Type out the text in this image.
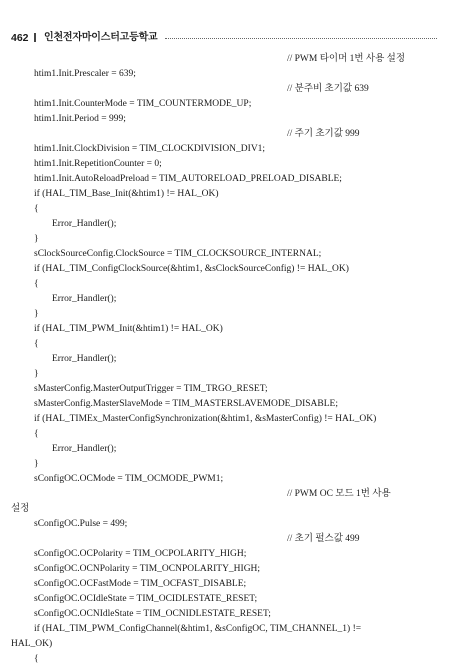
462 인천전자마이스터고등학교
// PWM 타이머 1번 사용 설정
htim1.Init.Prescaler = 639;
// 분주비 초기값 639
htim1.Init.CounterMode = TIM_COUNTERMODE_UP;
htim1.Init.Period = 999;
// 주기 초기값 999
htim1.Init.ClockDivision = TIM_CLOCKDIVISION_DIV1;
htim1.Init.RepetitionCounter = 0;
htim1.Init.AutoReloadPreload = TIM_AUTORELOAD_PRELOAD_DISABLE;
if (HAL_TIM_Base_Init(&htim1) != HAL_OK)
{
Error_Handler();
}
sClockSourceConfig.ClockSource = TIM_CLOCKSOURCE_INTERNAL;
if (HAL_TIM_ConfigClockSource(&htim1, &sClockSourceConfig) != HAL_OK)
{
Error_Handler();
}
if (HAL_TIM_PWM_Init(&htim1) != HAL_OK)
{
Error_Handler();
}
sMasterConfig.MasterOutputTrigger = TIM_TRGO_RESET;
sMasterConfig.MasterSlaveMode = TIM_MASTERSLAVEMODE_DISABLE;
if (HAL_TIMEx_MasterConfigSynchronization(&htim1, &sMasterConfig) != HAL_OK)
{
Error_Handler();
}
sConfigOC.OCMode = TIM_OCMODE_PWM1;
// PWM OC 모드 1번 사용
설정
sConfigOC.Pulse = 499;
// 초기 펄스값 499
sConfigOC.OCPolarity = TIM_OCPOLARITY_HIGH;
sConfigOC.OCNPolarity = TIM_OCNPOLARITY_HIGH;
sConfigOC.OCFastMode = TIM_OCFAST_DISABLE;
sConfigOC.OCIdleState = TIM_OCIDLESTATE_RESET;
sConfigOC.OCNIdleState = TIM_OCNIDLESTATE_RESET;
if (HAL_TIM_PWM_ConfigChannel(&htim1, &sConfigOC, TIM_CHANNEL_1) !=
HAL_OK)
{
